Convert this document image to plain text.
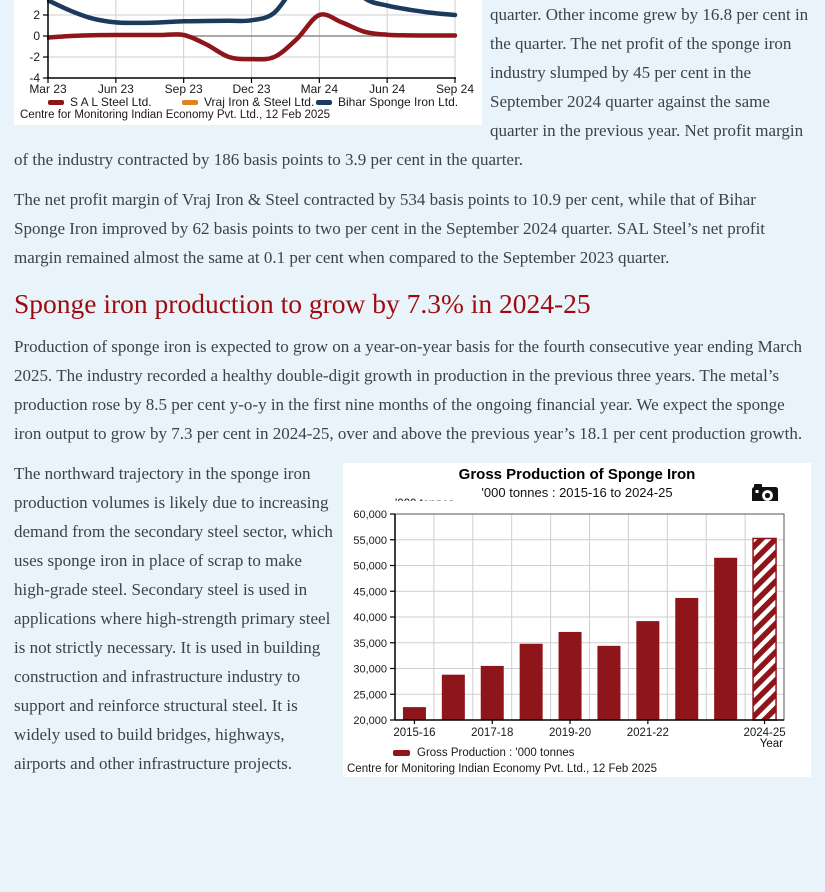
2
0
-2
-4
Mar 23	Jun 23	Sep 23 Dec 23	Mar 24	Jun 24	Sep 24
S A L Steel Ltd.	Vraj Iron & Steel Ltd. Bihar Sponge Iron Ltd.
Centre for Monitoring Indian Economy Pvt. Ltd., 12 Feb 2025

quarter. Other income grew by 16.8 per cent in the quarter. The net profit of the sponge iron industry slumped by 45 per cent in the September 2024 quarter against the same quarter in the previous year. Net profit margin of the industry contracted by 186 basis points to 3.9 per cent in the quarter.

The net profit margin of Vraj Iron & Steel contracted by 534 basis points to 10.9 per cent, while that of Bihar Sponge Iron improved by 62 basis points to two per cent in the September 2024 quarter. SAL Steel’s net profit margin remained almost the same at 0.1 per cent when compared to the September 2023 quarter.

Sponge iron production to grow by 7.3% in 2024-25

Production of sponge iron is expected to grow on a year-on-year basis for the fourth consecutive year ending March 2025. The industry recorded a healthy double-digit growth in production in the previous three years. The metal’s production rose by 8.5 per cent y-o-y in the first nine months of the ongoing financial year. We expect the sponge iron output to grow by 7.3 per cent in 2024-25, over and above the previous year’s 18.1 per cent production growth.

Gross Production of Sponge Iron
'000 tonnes : 2015-16 to 2024-25
20,000
25,000
30,000
35,000
40,000
45,000
50,000
55,000
60,000
2015-16	2017-18	2019-20	2021-22	2024-25
Year
Gross Production : '000 tonnes
Centre for Monitoring Indian Economy Pvt. Ltd., 12 Feb 2025

The northward trajectory in the sponge iron production volumes is likely due to increasing demand from the secondary steel sector, which uses sponge iron in place of scrap to make high-grade steel. Secondary steel is used in applications where high-strength primary steel is not strictly necessary. It is used in building construction and infrastructure industry to support and reinforce structural steel. It is widely used to build bridges, highways, airports and other infrastructure projects.
